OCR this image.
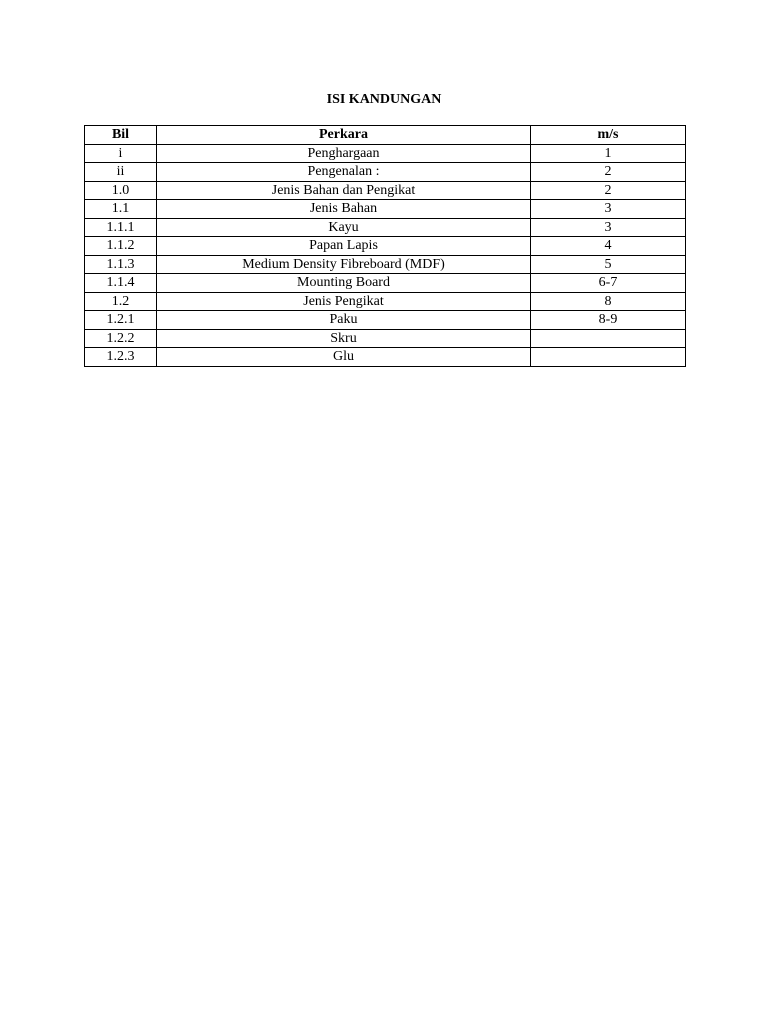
ISI KANDUNGAN
Bil	Perkara	m/s
i	Penghargaan	1
ii	Pengenalan :	2
1.0	Jenis Bahan dan Pengikat	2
1.1	Jenis Bahan	3
1.1.1	Kayu	3
1.1.2	Papan Lapis	4
1.1.3	Medium Density Fibreboard (MDF)	5
1.1.4	Mounting Board	6-7
1.2	Jenis Pengikat	8
1.2.1	Paku	8-9
1.2.2	Skru	
1.2.3	Glu	
